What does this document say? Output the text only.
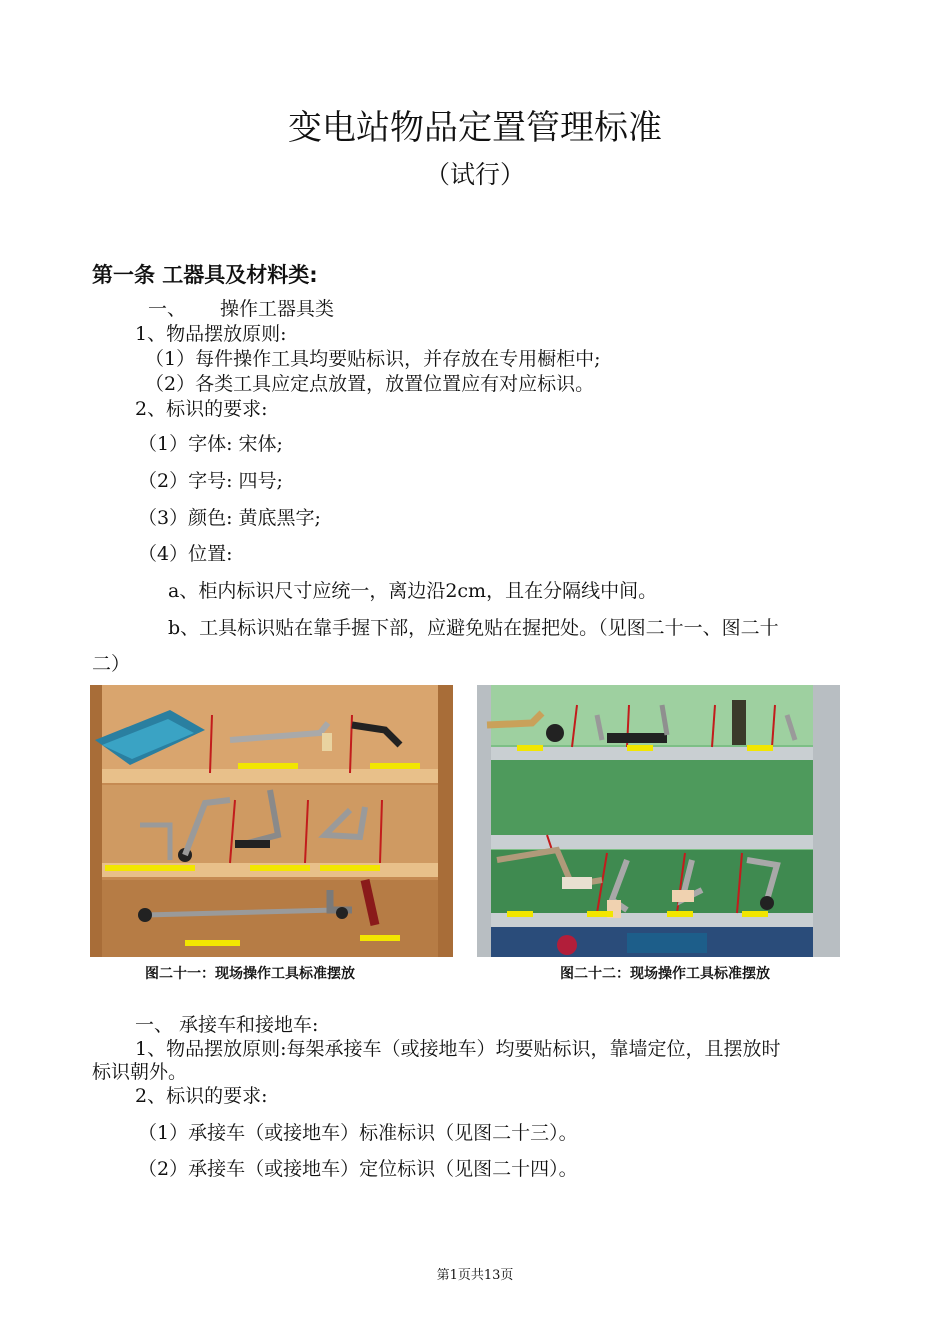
变电站物品定置管理标准
（试行）
第一条 工器具及材料类:
一、 操作工器具类
1、物品摆放原则:
（1）每件操作工具均要贴标识，并存放在专用橱柜中;
（2）各类工具应定点放置，放置位置应有对应标识。
2、标识的要求:
（1）字体: 宋体;
（2）字号: 四号;
（3）颜色: 黄底黑字;
（4）位置:
a、柜内标识尺寸应统一，离边沿2cm，且在分隔线中间。
b、工具标识贴在靠手握下部，应避免贴在握把处。（见图二十一、图二十
二）
图二十一：现场操作工具标准摆放	图二十二：现场操作工具标准摆放
一、 承接车和接地车:
1、物品摆放原则:每架承接车（或接地车）均要贴标识，靠墙定位，且摆放时
标识朝外。
2、标识的要求:
（1）承接车（或接地车）标准标识（见图二十三）。
（2）承接车（或接地车）定位标识（见图二十四）。
第1页共13页
